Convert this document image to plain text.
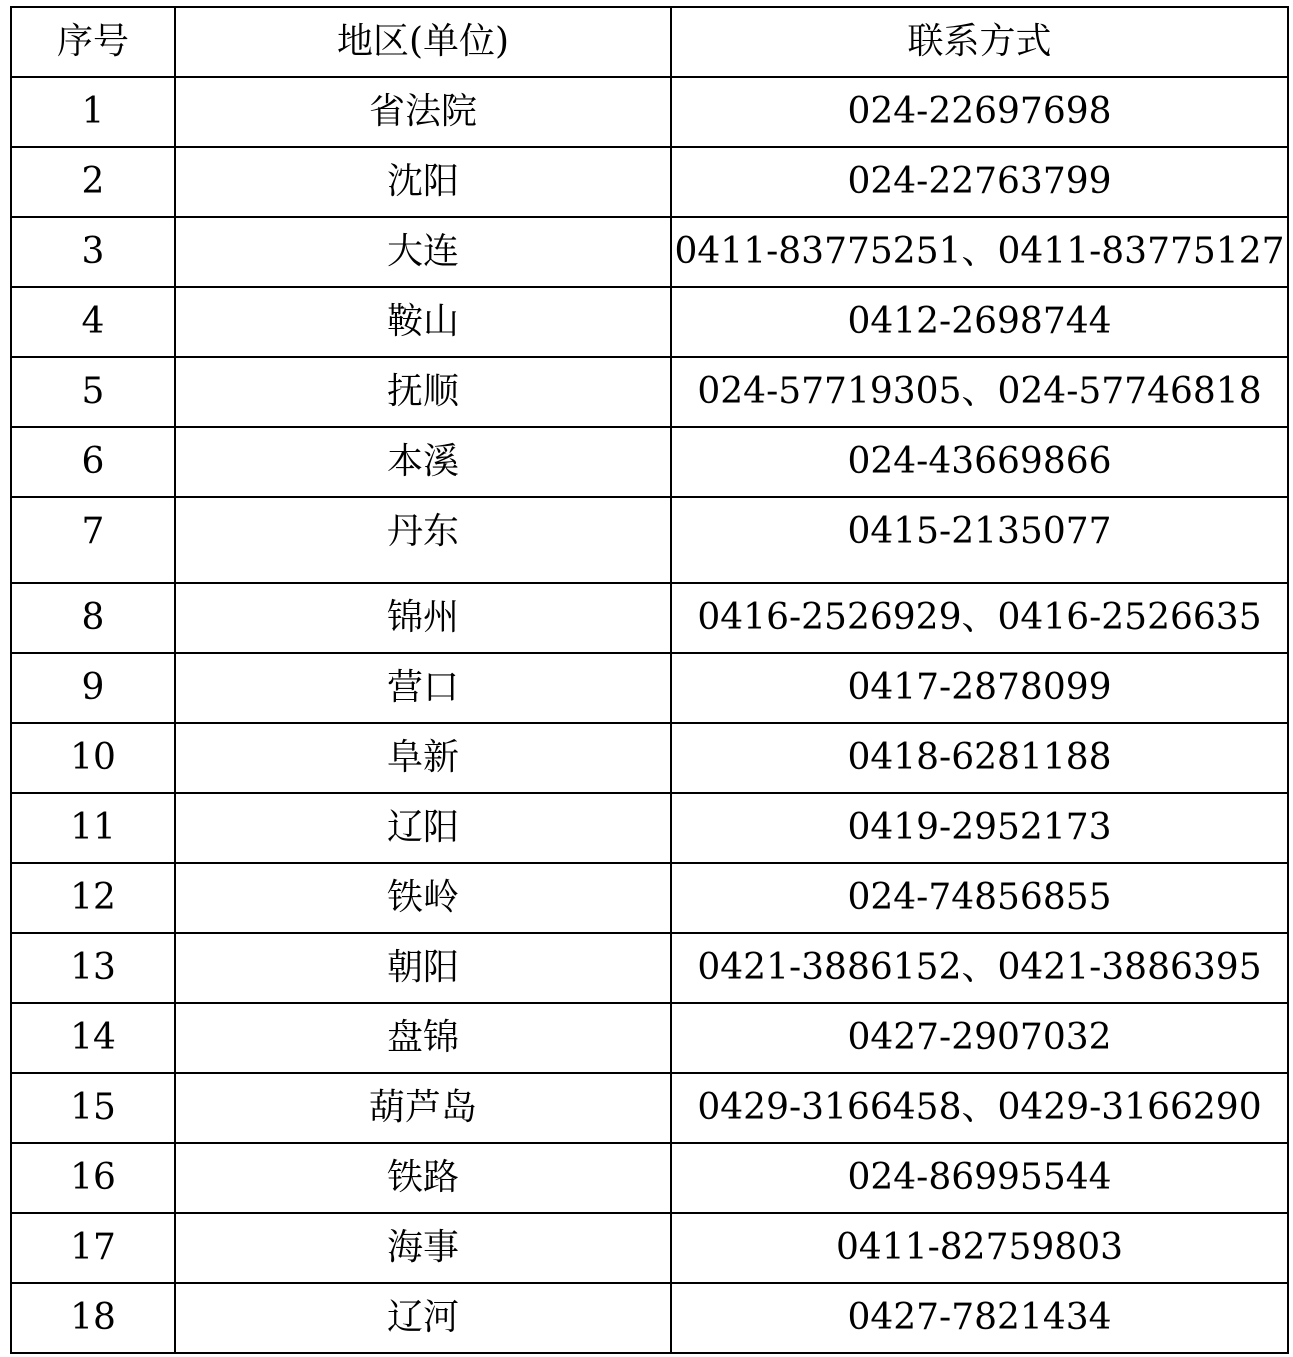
序号	地区(单位)	联系方式
1	省法院	024-22697698
2	沈阳	024-22763799
3	大连	0411-83775251、0411-83775127
4	鞍山	0412-2698744
5	抚顺	024-57719305、024-57746818
6	本溪	024-43669866
7	丹东	0415-2135077
8	锦州	0416-2526929、0416-2526635
9	营口	0417-2878099
10	阜新	0418-6281188
11	辽阳	0419-2952173
12	铁岭	024-74856855
13	朝阳	0421-3886152、0421-3886395
14	盘锦	0427-2907032
15	葫芦岛	0429-3166458、0429-3166290
16	铁路	024-86995544
17	海事	0411-82759803
18	辽河	0427-7821434
